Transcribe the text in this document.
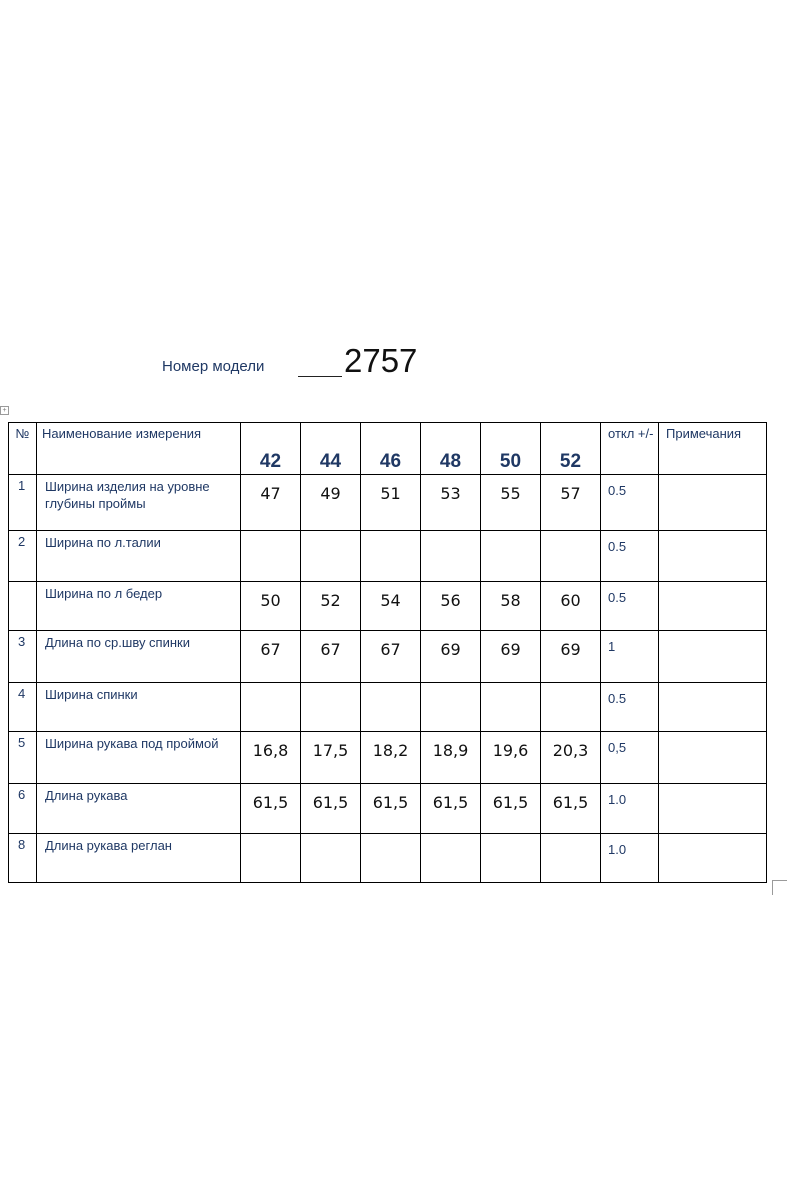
Номер модели 2757
+
№	Наименование измерения	42	44	46	48	50	52	откл +/-	Примечания

1	Ширина изделия на уровне глубины проймы	47	49	51	53	55	57	0.5	

2	Ширина по л.талии							0.5	

	Ширина по л бедер	50	52	54	56	58	60	0.5	

3	Длина по ср.шву спинки	67	67	67	69	69	69	1	

4	Ширина спинки							0.5	

5	Ширина рукава под проймой	16,8	17,5	18,2	18,9	19,6	20,3	0,5	

6	Длина рукава	61,5	61,5	61,5	61,5	61,5	61,5	1.0	

8	Длина рукава реглан							1.0	
